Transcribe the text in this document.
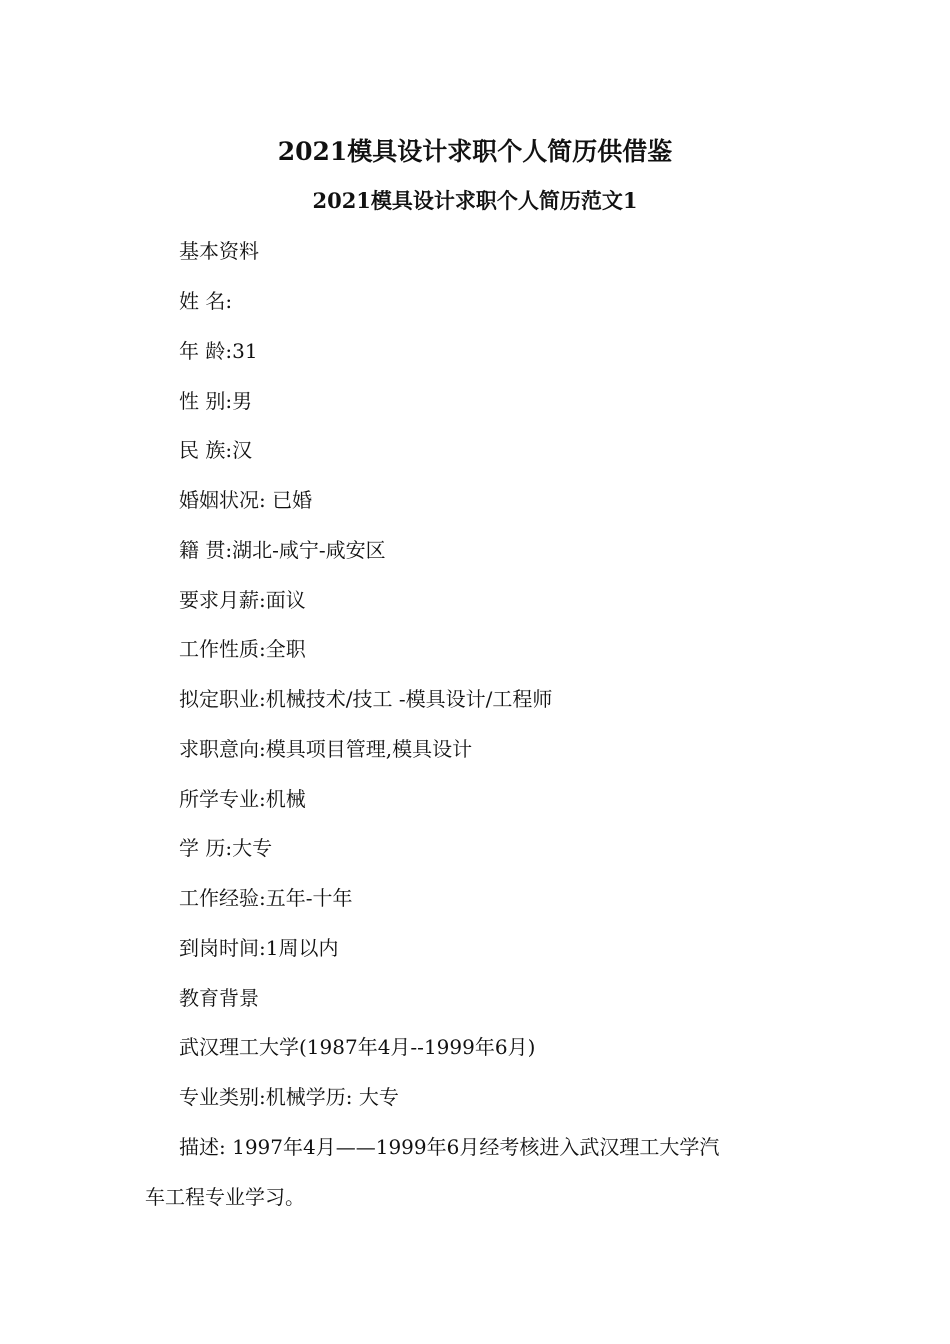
2021模具设计求职个人简历供借鉴
2021模具设计求职个人简历范文1
基本资料
姓 名:
年 龄:31
性 别:男
民 族:汉
婚姻状况: 已婚
籍 贯:湖北-咸宁-咸安区
要求月薪:面议
工作性质:全职
拟定职业:机械技术/技工 -模具设计/工程师
求职意向:模具项目管理,模具设计
所学专业:机械
学 历:大专
工作经验:五年-十年
到岗时间:1周以内
教育背景
武汉理工大学(1987年4月--1999年6月)
专业类别:机械学历: 大专
描述: 1997年4月——1999年6月经考核进入武汉理工大学汽
车工程专业学习。
